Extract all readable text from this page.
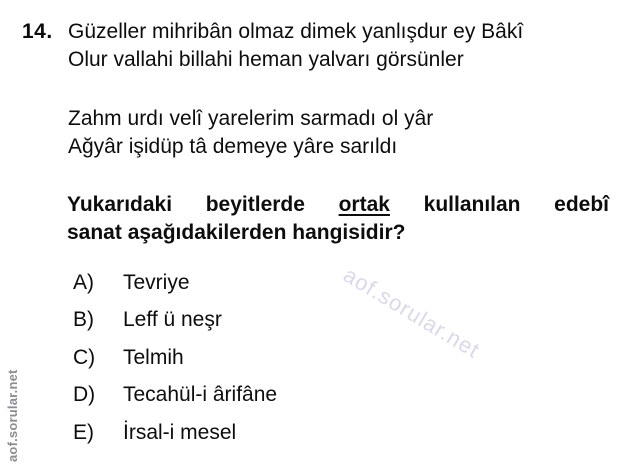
aof.sorular.net
aof.sorular.net
14. Güzeller mihribân olmaz dimek yanlışdur ey Bâkî
Olur vallahi billahi heman yalvarı görsünler
Zahm urdı velî yarelerim sarmadı ol yâr
Ağyâr işidüp tâ demeye yâre sarıldı
Yukarıdaki beyitlerde ortak kullanılan edebî
sanat aşağıdakilerden hangisidir?
A)	Tevriye
B)	Leff ü neşr
C)	Telmih
D)	Tecahül-i ârifâne
E)	İrsal-i mesel
